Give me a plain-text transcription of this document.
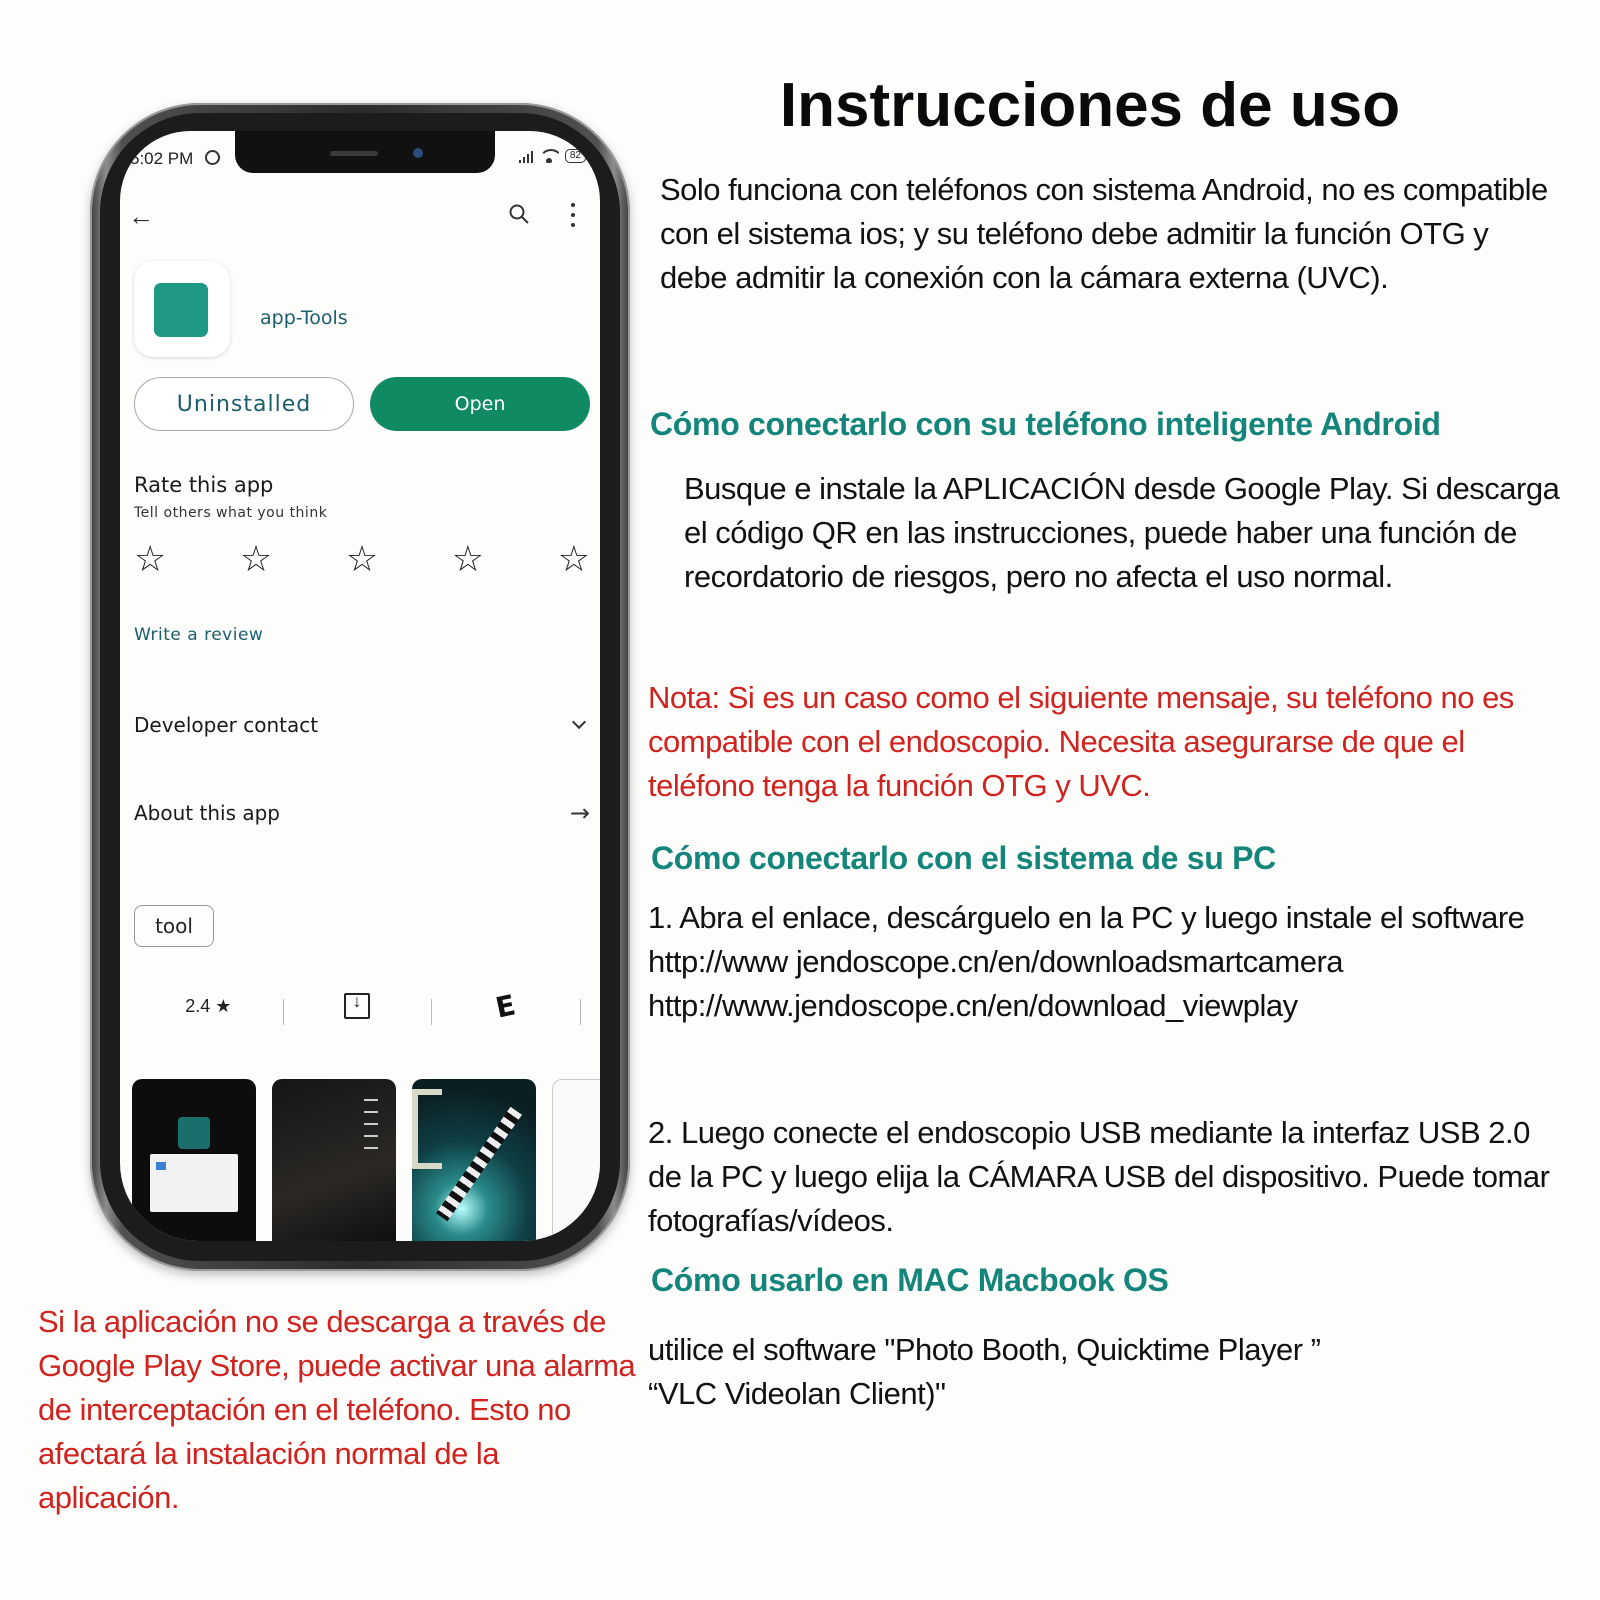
5:02 PM	82
←
app-Tools
Uninstalled	Open
Rate this app
Tell others what you think
☆ ☆ ☆ ☆ ☆
Write a review
Developer contact
About this app	→
tool
2.4 ★ ↓	E
Instrucciones de uso

Solo funciona con teléfonos con sistema Android, no es compatible con el sistema ios; y su teléfono debe admitir la función OTG y debe admitir la conexión con la cámara externa (UVC).

Cómo conectarlo con su teléfono inteligente Android

Busque e instale la APLICACIÓN desde Google Play. Si descarga el código QR en las instrucciones, puede haber una función de recordatorio de riesgos, pero no afecta el uso normal.

Nota: Si es un caso como el siguiente mensaje, su teléfono no es compatible con el endoscopio. Necesita asegurarse de que el teléfono tenga la función OTG y UVC.

Cómo conectarlo con el sistema de su PC
1. Abra el enlace, descárguelo en la PC y luego instale el software
http://www jendoscope.cn/en/downloadsmartcamera
http://www.jendoscope.cn/en/download_viewplay

2. Luego conecte el endoscopio USB mediante la interfaz USB 2.0 de la PC y luego elija la CÁMARA USB del dispositivo. Puede tomar fotografías/vídeos.

Cómo usarlo en MAC Macbook OS
utilice el software "Photo Booth, Quicktime Player ”
“VLC Videolan Client)"

Si la aplicación no se descarga a través de Google Play Store, puede activar una alarma de interceptación en el teléfono. Esto no afectará la instalación normal de la aplicación.
